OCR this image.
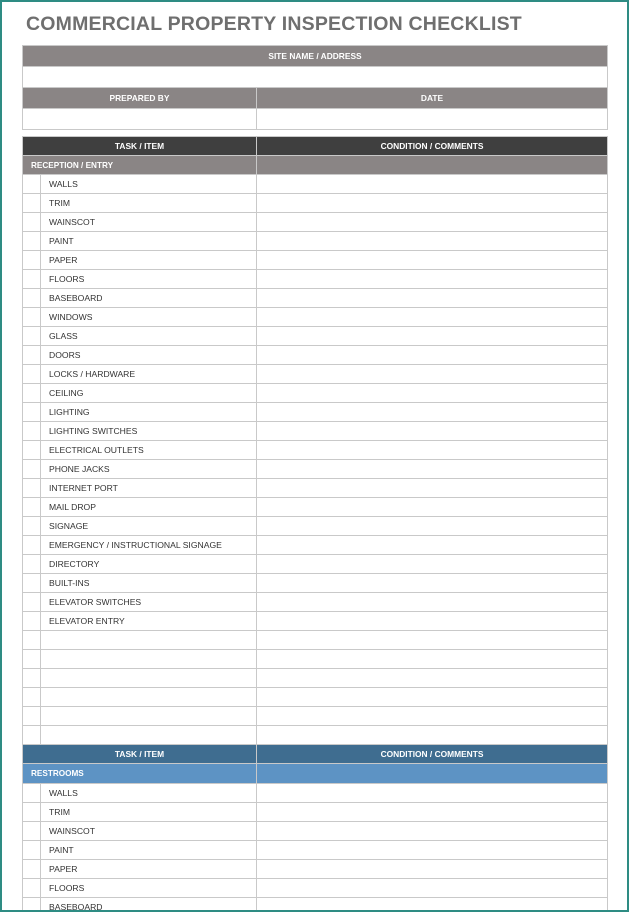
COMMERCIAL PROPERTY INSPECTION CHECKLIST
SITE NAME / ADDRESS	

PREPARED BY	DATE

TASK / ITEM		CONDITION / COMMENTS
RECEPTION / ENTRY		
	WALLS	
	TRIM	
	WAINSCOT	
	PAINT	
	PAPER	
	FLOORS	
	BASEBOARD	
	WINDOWS	
	GLASS	
	DOORS	
	LOCKS / HARDWARE	
	CEILING	
	LIGHTING	
	LIGHTING SWITCHES	
	ELECTRICAL OUTLETS	
	PHONE JACKS	
	INTERNET PORT	
	MAIL DROP	
	SIGNAGE	
	EMERGENCY / INSTRUCTIONAL SIGNAGE	
	DIRECTORY	
	BUILT-INS	
	ELEVATOR SWITCHES	
	ELEVATOR ENTRY	

TASK / ITEM		CONDITION / COMMENTS
RESTROOMS		
	WALLS	
	TRIM	
	WAINSCOT	
	PAINT	
	PAPER	
	FLOORS	
	BASEBOARD	
